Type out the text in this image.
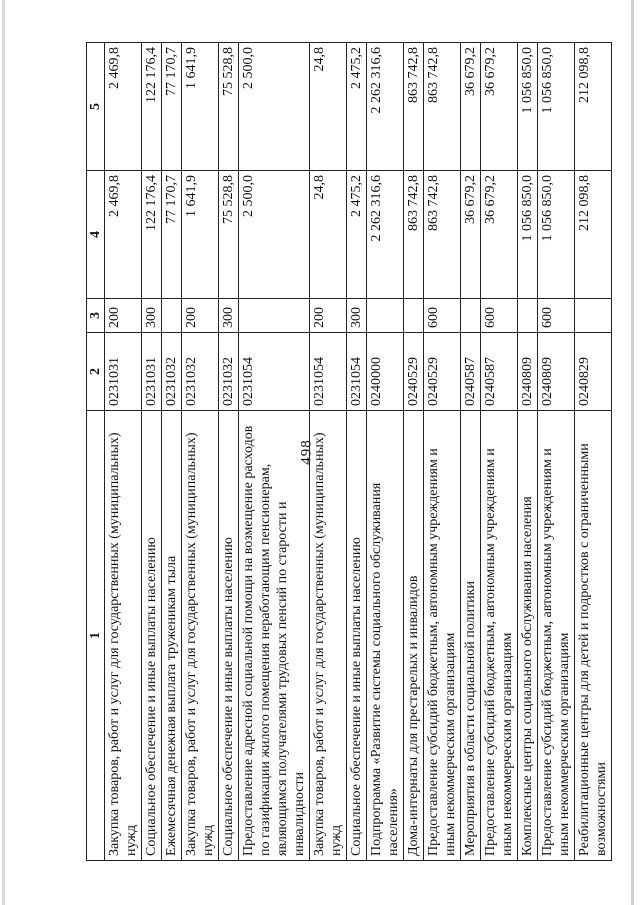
498
1	2	3	4	5
Закупка товаров, работ и услуг для государственных (муниципальных) нужд	0231031	200	2 469,8	2 469,8
Социальное обеспечение и иные выплаты населению	0231031	300	122 176,4	122 176,4
Ежемесячная денежная выплата труженикам тыла	0231032		77 170,7	77 170,7
Закупка товаров, работ и услуг для государственных (муниципальных) нужд	0231032	200	1 641,9	1 641,9
Социальное обеспечение и иные выплаты населению	0231032	300	75 528,8	75 528,8
Предоставление адресной социальной помощи на возмещение расходов по газификации жилого помещения неработающим пенсионерам, являющимся получателями трудовых пенсий по старости и инвалидности	0231054		2 500,0	2 500,0
Закупка товаров, работ и услуг для государственных (муниципальных) нужд	0231054	200	24,8	24,8
Социальное обеспечение и иные выплаты населению	0231054	300	2 475,2	2 475,2
Подпрограмма «Развитие системы социального обслуживания населения»	0240000		2 262 316,6	2 262 316,6
Дома-интернаты для престарелых и инвалидов	0240529		863 742,8	863 742,8
Предоставление субсидий бюджетным, автономным учреждениям и иным некоммерческим организациям	0240529	600	863 742,8	863 742,8
Мероприятия в области социальной политики	0240587		36 679,2	36 679,2
Предоставление субсидий бюджетным, автономным учреждениям и иным некоммерческим организациям	0240587	600	36 679,2	36 679,2
Комплексные центры социального обслуживания населения	0240809		1 056 850,0	1 056 850,0
Предоставление субсидий бюджетным, автономным учреждениям и иным некоммерческим организациям	0240809	600	1 056 850,0	1 056 850,0
Реабилитационные центры для детей и подростков с ограниченными возможностями	0240829		212 098,8	212 098,8
